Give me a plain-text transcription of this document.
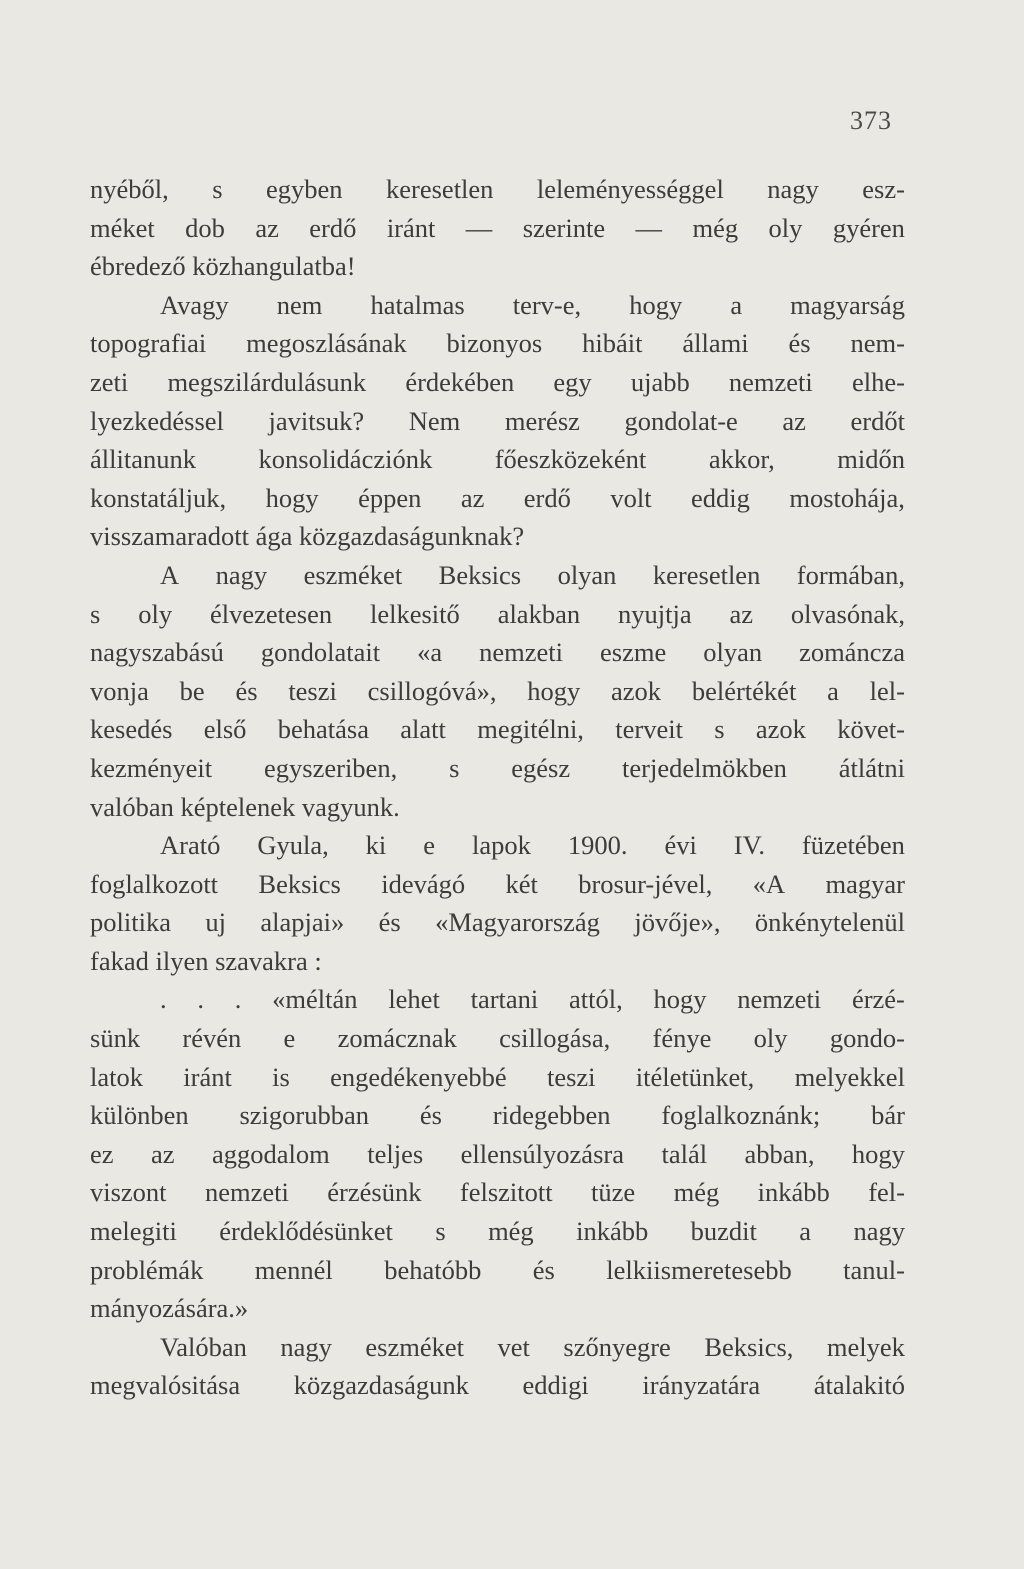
373
nyéből, s egyben keresetlen leleményességgel nagy esz-
méket dob az erdő iránt — szerinte — még oly gyéren
ébredező közhangulatba!
Avagy nem hatalmas terv-e, hogy a magyarság
topografiai megoszlásának bizonyos hibáit állami és nem-
zeti megszilárdulásunk érdekében egy ujabb nemzeti elhe-
lyezkedéssel javitsuk? Nem merész gondolat-e az erdőt
állitanunk konsolidácziónk főeszközeként akkor, midőn
konstatáljuk, hogy éppen az erdő volt eddig mostohája,
visszamaradott ága közgazdaságunknak?
A nagy eszméket Beksics olyan keresetlen formában,
s oly élvezetesen lelkesitő alakban nyujtja az olvasónak,
nagyszabású gondolatait «a nemzeti eszme olyan zománcza
vonja be és teszi csillogóvá», hogy azok belértékét a lel-
kesedés első behatása alatt megitélni, terveit s azok követ-
kezményeit egyszeriben, s egész terjedelmökben átlátni
valóban képtelenek vagyunk.
Arató Gyula, ki e lapok 1900. évi IV. füzetében
foglalkozott Beksics idevágó két brosur-jével, «A magyar
politika uj alapjai» és «Magyarország jövője», önkénytelenül
fakad ilyen szavakra :
. . . «méltán lehet tartani attól, hogy nemzeti érzé-
sünk révén e zomácznak csillogása, fénye oly gondo-
latok iránt is engedékenyebbé teszi itéletünket, melyekkel
különben szigorubban és ridegebben foglalkoznánk; bár
ez az aggodalom teljes ellensúlyozásra talál abban, hogy
viszont nemzeti érzésünk felszitott tüze még inkább fel-
melegiti érdeklődésünket s még inkább buzdit a nagy
problémák mennél behatóbb és lelkiismeretesebb tanul-
mányozására.»
Valóban nagy eszméket vet szőnyegre Beksics, melyek
megvalósitása közgazdaságunk eddigi irányzatára átalakitó
